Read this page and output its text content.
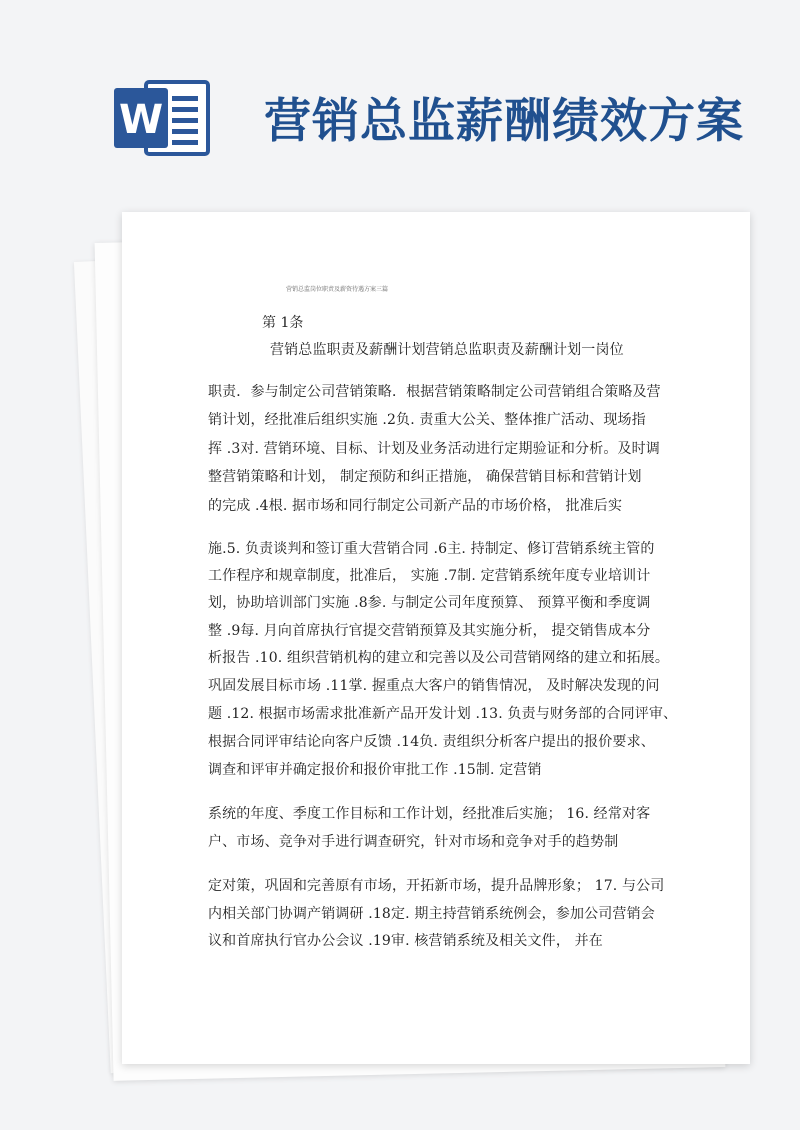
W 营销总监薪酬绩效方案
营销总监岗位职责及薪资待遇方案三篇
第 1条
营销总监职责及薪酬计划营销总监职责及薪酬计划一岗位
职责．参与制定公司营销策略．根据营销策略制定公司营销组合策略及营
销计划，经批准后组织实施 .2负. 责重大公关、整体推广活动、现场指
挥 .3对. 营销环境、目标、计划及业务活动进行定期验证和分析。及时调
整营销策略和计划， 制定预防和纠正措施， 确保营销目标和营销计划
的完成 .4根. 据市场和同行制定公司新产品的市场价格， 批准后实
施.5. 负责谈判和签订重大营销合同 .6主. 持制定、修订营销系统主管的
工作程序和规章制度，批准后， 实施 .7制. 定营销系统年度专业培训计
划，协助培训部门实施 .8参. 与制定公司年度预算、 预算平衡和季度调
整 .9每. 月向首席执行官提交营销预算及其实施分析， 提交销售成本分
析报告 .10. 组织营销机构的建立和完善以及公司营销网络的建立和拓展。
巩固发展目标市场 .11掌. 握重点大客户的销售情况， 及时解决发现的问
题 .12. 根据市场需求批准新产品开发计划 .13. 负责与财务部的合同评审、
根据合同评审结论向客户反馈 .14负. 责组织分析客户提出的报价要求、
调查和评审并确定报价和报价审批工作 .15制. 定营销
系统的年度、季度工作目标和工作计划，经批准后实施； 16. 经常对客
户、市场、竞争对手进行调查研究，针对市场和竞争对手的趋势制
定对策，巩固和完善原有市场，开拓新市场，提升品牌形象； 17. 与公司
内相关部门协调产销调研 .18定. 期主持营销系统例会，参加公司营销会
议和首席执行官办公会议 .19审. 核营销系统及相关文件， 并在
